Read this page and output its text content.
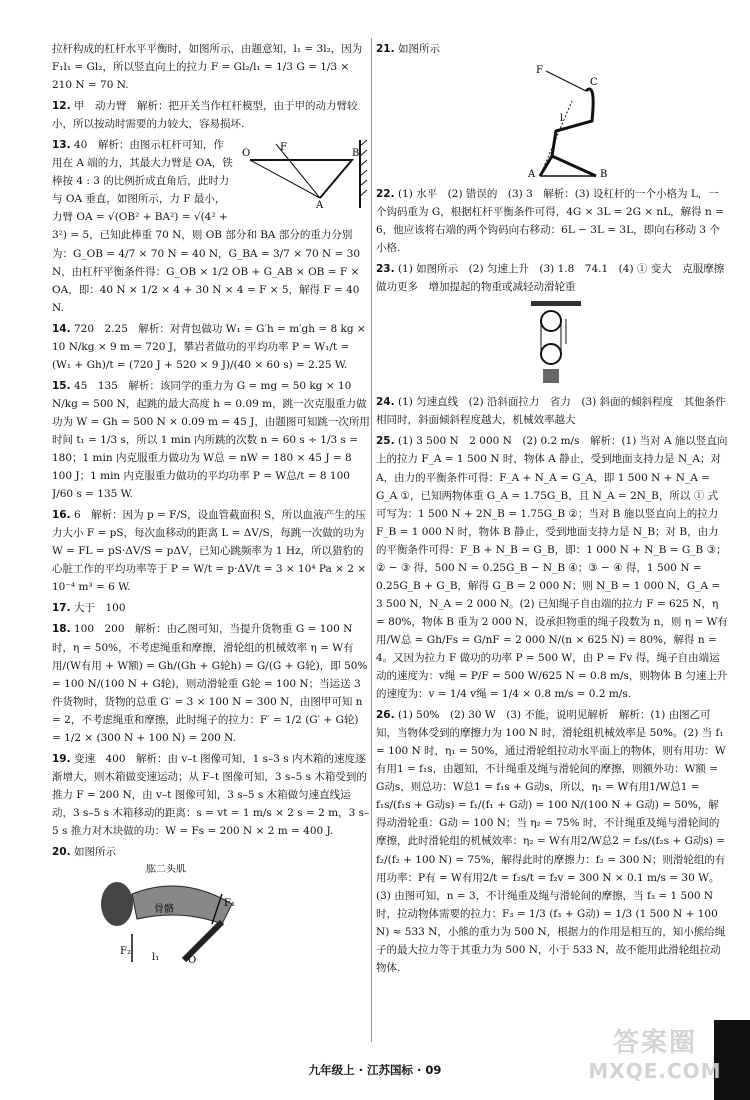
拉杆构成的杠杆水平平衡时，如图所示，由题意知，l₁ = 3l₂，因为 F₁l₁ = Gl₂，所以竖直向上的拉力 F = Gl₂/l₁ = 1/3 G = 1/3 × 210 N = 70 N.

12. 甲　动力臂　解析：把开关当作杠杆模型，由于甲的动力臂较小，所以按动时需要的力较大，容易损坏.

O	B
A
F

13. 40　解析：由图示杠杆可知，作用在 A 端的力，其最大力臂是 OA，铁棒按 4 : 3 的比例折成直角后，此时力与 OA 垂直，如图所示，力 F 最小，力臂 OA = √(OB² + BA²) = √(4² + 3²) = 5，已知此棒重 70 N，则 OB 部分和 BA 部分的重力分别为：G_OB = 4/7 × 70 N = 40 N，G_BA = 3/7 × 70 N = 30 N，由杠杆平衡条件得：G_OB × 1/2 OB + G_AB × OB = F × OA，即：40 N × 1/2 × 4 + 30 N × 4 = F × 5，解得 F = 40 N.

14. 720　2.25　解析：对背包做功 W₁ = G′h = m′gh = 8 kg × 10 N/kg × 9 m = 720 J，攀岩者做功的平均功率 P = W₁/t = (W₁ + Gh)/t = (720 J + 520 × 9 J)/(40 × 60 s) = 2.25 W.

15. 45　135　解析：该同学的重力为 G = mg = 50 kg × 10 N/kg = 500 N，起跳的最大高度 h = 0.09 m，跳一次克服重力做功为 W = Gh = 500 N × 0.09 m = 45 J，由题图可知跳一次所用时间 t₁ = 1/3 s，所以 1 min 内所跳的次数 n = 60 s ÷ 1/3 s = 180；1 min 内克服重力做功为 W总 = nW = 180 × 45 J = 8 100 J；1 min 内克服重力做功的平均功率 P = W总/t = 8 100 J/60 s = 135 W.

16. 6　解析：因为 p = F/S，设血管截面积 S，所以血液产生的压力大小 F = pS，每次血移动的距离 L = ΔV/S，每跳一次做的功为 W = FL = pS·ΔV/S = pΔV，已知心跳频率为 1 Hz，所以猎豹的心脏工作的平均功率等于 P = W/t = p·ΔV/t = 3 × 10⁴ Pa × 2 × 10⁻⁴ m³ = 6 W.

17. 大于　100

18. 100　200　解析：由乙图可知，当提升货物重 G = 100 N 时，η = 50%，不考虑绳重和摩擦，滑轮组的机械效率 η = W有用/(W有用 + W额) = Gh/(Gh + G轮h) = G/(G + G轮)，即 50% = 100 N/(100 N + G轮)，则动滑轮重 G轮 = 100 N；当运送 3 件货物时，货物的总重 G′ = 3 × 100 N = 300 N，由图甲可知 n = 2，不考虑绳重和摩擦，此时绳子的拉力：F′ = 1/2 (G′ + G轮) = 1/2 × (300 N + 100 N) = 200 N.

19. 变速　400　解析：由 v–t 图像可知，1 s–3 s 内木箱的速度逐渐增大，则木箱做变速运动；从 F–t 图像可知，3 s–5 s 木箱受到的推力 F = 200 N，由 v–t 图像可知，3 s–5 s 木箱做匀速直线运动，3 s–5 s 木箱移动的距离：s = vt = 1 m/s × 2 s = 2 m，3 s–5 s 推力对木块做的功：W = Fs = 200 N × 2 m = 400 J.

20. 如图所示

肱二头肌
骨骼
F₁
F₂
l₁	O

21. 如图所示

F
C
l
A	B

22. (1) 水平　(2) 错误的　(3) 3　解析：(3) 设杠杆的一个小格为 L，一个钩码重为 G，根据杠杆平衡条件可得，4G × 3L = 2G × nL，解得 n = 6，他应该将右端的两个钩码向右移动：6L − 3L = 3L，即向右移动 3 个小格.

23. (1) 如图所示　(2) 匀速上升　(3) 1.8　74.1　(4) ① 变大　克服摩擦做功更多　增加提起的物重或减轻动滑轮重

24. (1) 匀速直线　(2) 沿斜面拉力　省力　(3) 斜面的倾斜程度　其他条件相同时，斜面倾斜程度越大，机械效率越大

25. (1) 3 500 N　2 000 N　(2) 0.2 m/s　解析：(1) 当对 A 施以竖直向上的拉力 F_A = 1 500 N 时，物体 A 静止，受到地面支持力是 N_A；对 A，由力的平衡条件可得：F_A + N_A = G_A，即 1 500 N + N_A = G_A ①，已知两物体重 G_A = 1.75G_B，且 N_A = 2N_B，所以 ① 式可写为：1 500 N + 2N_B = 1.75G_B ②；当对 B 施以竖直向上的拉力 F_B = 1 000 N 时，物体 B 静止，受到地面支持力是 N_B；对 B，由力的平衡条件可得：F_B + N_B = G_B，即：1 000 N + N_B = G_B ③；② − ③ 得，500 N = 0.25G_B − N_B ④；③ − ④ 得，1 500 N = 0.25G_B + G_B，解得 G_B = 2 000 N；则 N_B = 1 000 N，G_A = 3 500 N，N_A = 2 000 N。(2) 已知绳子自由端的拉力 F = 625 N，η = 80%，物体 B 重为 2 000 N，设承担物重的绳子段数为 n，则 η = W有用/W总 = Gh/Fs = G/nF = 2 000 N/(n × 625 N) = 80%，解得 n = 4。又因为拉力 F 做功的功率 P = 500 W，由 P = Fv 得，绳子自由端运动的速度为：v绳 = P/F = 500 W/625 N = 0.8 m/s，则物体 B 匀速上升的速度为：v = 1/4 v绳 = 1/4 × 0.8 m/s = 0.2 m/s.

26. (1) 50%　(2) 30 W　(3) 不能，说明见解析　解析：(1) 由图乙可知，当物体受到的摩擦力为 100 N 时，滑轮组机械效率是 50%。(2) 当 f₁ = 100 N 时，η₁ = 50%，通过滑轮组拉动水平面上的物体，则有用功：W有用1 = f₁s，由题知，不计绳重及绳与滑轮间的摩擦，则额外功：W额 = G动s，则总功：W总1 = f₁s + G动s，所以，η₁ = W有用1/W总1 = f₁s/(f₁s + G动s) = f₁/(f₁ + G动) = 100 N/(100 N + G动) = 50%，解得动滑轮重：G动 = 100 N；当 η₂ = 75% 时，不计绳重及绳与滑轮间的摩擦，此时滑轮组的机械效率：η₂ = W有用2/W总2 = f₂s/(f₂s + G动s) = f₂/(f₂ + 100 N) = 75%，解得此时的摩擦力：f₂ = 300 N；则滑轮组的有用功率：P有 = W有用2/t = f₂s/t = f₂v = 300 N × 0.1 m/s = 30 W。(3) 由图可知，n = 3，不计绳重及绳与滑轮间的摩擦，当 f₃ = 1 500 N 时，拉动物体需要的拉力：F₃ = 1/3 (f₃ + G动) = 1/3 (1 500 N + 100 N) ≈ 533 N，小熊的重力为 500 N，根据力的作用是相互的，知小熊给绳子的最大拉力等于其重力为 500 N，小于 533 N，故不能用此滑轮组拉动物体.

九年级上 · 江苏国标 · 09
答案圈
MXQE.COM
